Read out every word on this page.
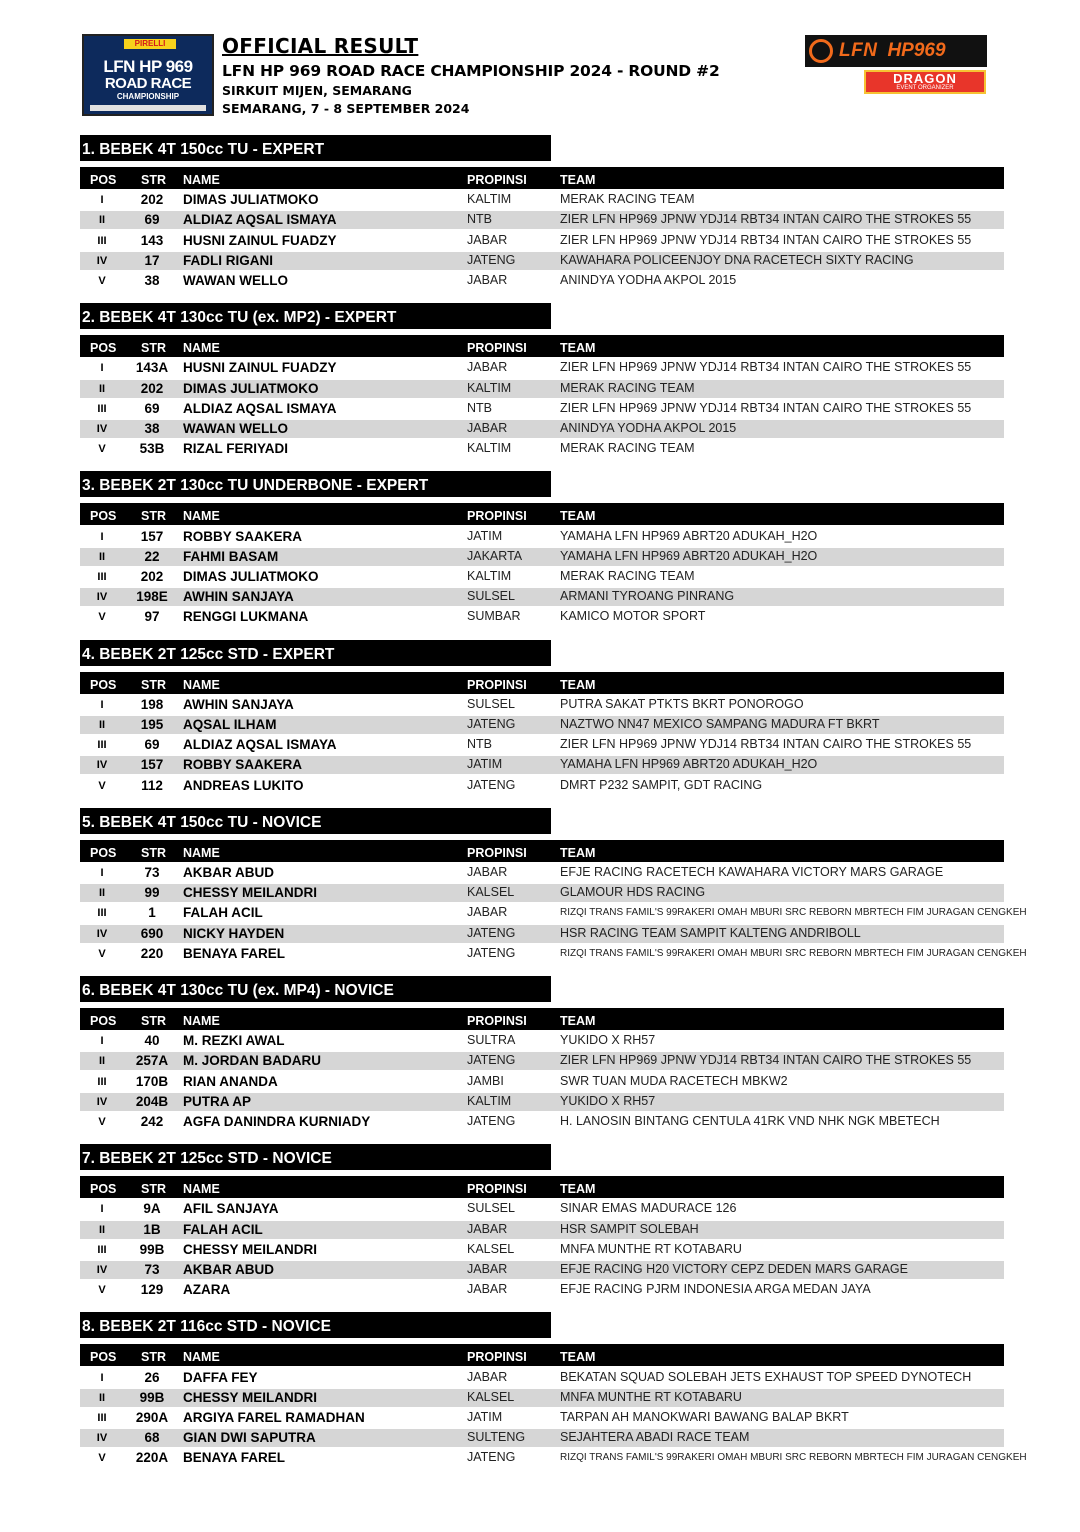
PIRELLI
LFN HP 969
ROAD RACE
CHAMPIONSHIP
OFFICIAL RESULT
LFN HP 969 ROAD RACE CHAMPIONSHIP 2024 - ROUND #2
SIRKUIT MIJEN, SEMARANG
SEMARANG, 7 - 8 SEPTEMBER 2024
LFN HP969
DRAGON
EVENT ORGANIZER
1. BEBEK 4T 150cc TU - EXPERT
POS STR NAME	PROPINSI	TEAM
I	202	DIMAS JULIATMOKO	KALTIM	MERAK RACING TEAM
II	69	ALDIAZ AQSAL ISMAYA	NTB	ZIER LFN HP969 JPNW YDJ14 RBT34 INTAN CAIRO THE STROKES 55
III	143	HUSNI ZAINUL FUADZY	JABAR	ZIER LFN HP969 JPNW YDJ14 RBT34 INTAN CAIRO THE STROKES 55
IV	17	FADLI RIGANI	JATENG	KAWAHARA POLICEENJOY DNA RACETECH SIXTY RACING
V	38	WAWAN WELLO	JABAR	ANINDYA YODHA AKPOL 2015
2. BEBEK 4T 130cc TU (ex. MP2) - EXPERT
POS STR NAME	PROPINSI	TEAM
I	143A HUSNI ZAINUL FUADZY	JABAR	ZIER LFN HP969 JPNW YDJ14 RBT34 INTAN CAIRO THE STROKES 55
II	202	DIMAS JULIATMOKO	KALTIM	MERAK RACING TEAM
III	69	ALDIAZ AQSAL ISMAYA	NTB	ZIER LFN HP969 JPNW YDJ14 RBT34 INTAN CAIRO THE STROKES 55
IV	38	WAWAN WELLO	JABAR	ANINDYA YODHA AKPOL 2015
V	53B	RIZAL FERIYADI	KALTIM	MERAK RACING TEAM
3. BEBEK 2T 130cc TU UNDERBONE - EXPERT
POS STR NAME	PROPINSI	TEAM
I	157	ROBBY SAAKERA	JATIM	YAMAHA LFN HP969 ABRT20 ADUKAH_H2O
II	22	FAHMI BASAM	JAKARTA	YAMAHA LFN HP969 ABRT20 ADUKAH_H2O
III	202	DIMAS JULIATMOKO	KALTIM	MERAK RACING TEAM
IV	198E	AWHIN SANJAYA	SULSEL	ARMANI TYROANG PINRANG
V	97	RENGGI LUKMANA	SUMBAR	KAMICO MOTOR SPORT
4. BEBEK 2T 125cc STD - EXPERT
POS STR NAME	PROPINSI	TEAM
I	198	AWHIN SANJAYA	SULSEL	PUTRA SAKAT PTKTS BKRT PONOROGO
II	195	AQSAL ILHAM	JATENG	NAZTWO NN47 MEXICO SAMPANG MADURA FT BKRT
III	69	ALDIAZ AQSAL ISMAYA	NTB	ZIER LFN HP969 JPNW YDJ14 RBT34 INTAN CAIRO THE STROKES 55
IV	157	ROBBY SAAKERA	JATIM	YAMAHA LFN HP969 ABRT20 ADUKAH_H2O
V	112	ANDREAS LUKITO	JATENG	DMRT P232 SAMPIT, GDT RACING
5. BEBEK 4T 150cc TU - NOVICE
POS STR NAME	PROPINSI	TEAM
I	73	AKBAR ABUD	JABAR	EFJE RACING RACETECH KAWAHARA VICTORY MARS GARAGE
II	99	CHESSY MEILANDRI	KALSEL	GLAMOUR HDS RACING
III	1	FALAH ACIL	JABAR	RIZQI TRANS FAMIL'S 99RAKERI OMAH MBURI SRC REBORN MBRTECH FIM JURAGAN CENGKEH
IV	690	NICKY HAYDEN	JATENG	HSR RACING TEAM SAMPIT KALTENG ANDRIBOLL
V	220	BENAYA FAREL	JATENG	RIZQI TRANS FAMIL'S 99RAKERI OMAH MBURI SRC REBORN MBRTECH FIM JURAGAN CENGKEH
6. BEBEK 4T 130cc TU (ex. MP4) - NOVICE
POS STR NAME	PROPINSI	TEAM
I	40	M. REZKI AWAL	SULTRA	YUKIDO X RH57
II	257A M. JORDAN BADARU	JATENG	ZIER LFN HP969 JPNW YDJ14 RBT34 INTAN CAIRO THE STROKES 55
III	170B RIAN ANANDA	JAMBI	SWR TUAN MUDA RACETECH MBKW2
IV	204B PUTRA AP	KALTIM	YUKIDO X RH57
V	242	AGFA DANINDRA KURNIADY	JATENG	H. LANOSIN BINTANG CENTULA 41RK VND NHK NGK MBETECH
7. BEBEK 2T 125cc STD - NOVICE
POS STR NAME	PROPINSI	TEAM
I	9A	AFIL SANJAYA	SULSEL	SINAR EMAS MADURACE 126
II	1B	FALAH ACIL	JABAR	HSR SAMPIT SOLEBAH
III	99B	CHESSY MEILANDRI	KALSEL	MNFA MUNTHE RT KOTABARU
IV	73	AKBAR ABUD	JABAR	EFJE RACING H20 VICTORY CEPZ DEDEN MARS GARAGE
V	129	AZARA	JABAR	EFJE RACING PJRM INDONESIA ARGA MEDAN JAYA
8. BEBEK 2T 116cc STD - NOVICE
POS STR NAME	PROPINSI	TEAM
I	26	DAFFA FEY	JABAR	BEKATAN SQUAD SOLEBAH JETS EXHAUST TOP SPEED DYNOTECH
II	99B	CHESSY MEILANDRI	KALSEL	MNFA MUNTHE RT KOTABARU
III	290A ARGIYA FAREL RAMADHAN	JATIM	TARPAN AH MANOKWARI BAWANG BALAP BKRT
IV	68	GIAN DWI SAPUTRA	SULTENG	SEJAHTERA ABADI RACE TEAM
V	220A BENAYA FAREL	JATENG	RIZQI TRANS FAMIL'S 99RAKERI OMAH MBURI SRC REBORN MBRTECH FIM JURAGAN CENGKEH
